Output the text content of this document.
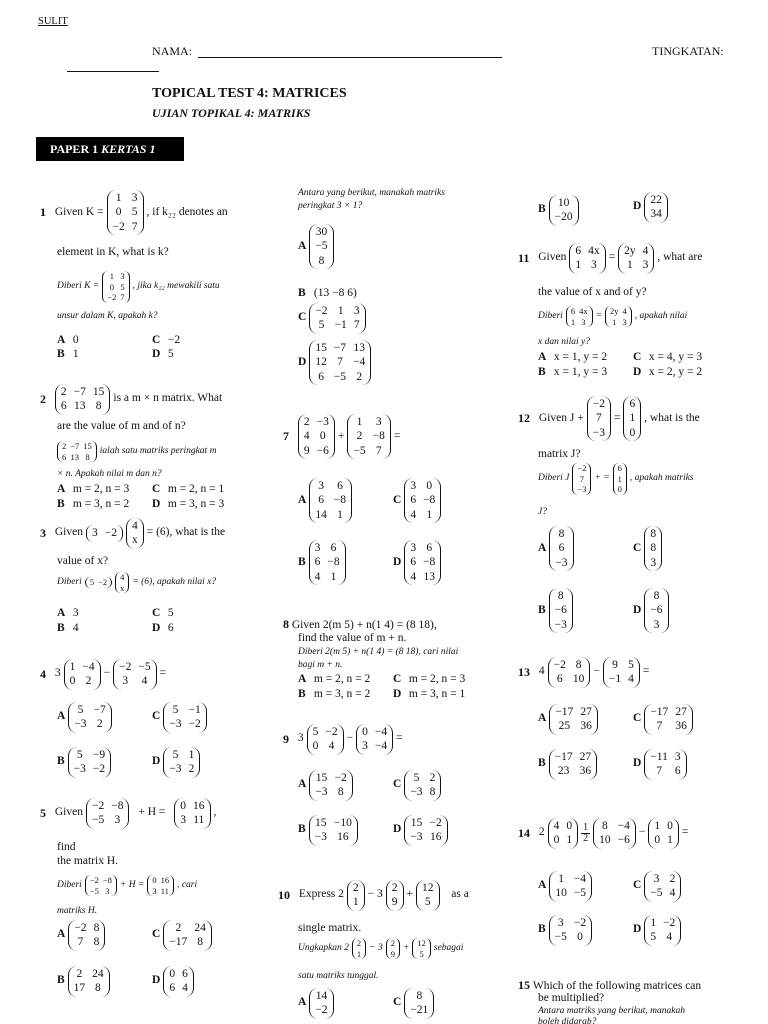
SULIT
NAMA:	TINGKATAN:
TOPICAL TEST 4: MATRICES
UJIAN TOPIKAL 4: MATRIKS
PAPER 1 KERTAS 1
1
Given K =
1 3
0 5
−2 7
, if k₂₂ denotes an
element in K, what is k?
Diberi K =
1 3
0 5
−2 7
, jika k₂₂ mewakili satu
unsur dalam K, apakah k?
A 0	C −2
B 1	D 5
2

2 −7 15
6 13 8
is a m × n matrix. What
are the value of m and of n?
2 −7 15
6 13 8
ialah satu matriks peringkat m
× n. Apakah nilai m dan n?
A m = 2, n = 3 C m = 2, n = 1
B m = 3, n = 2 D m = 3, n = 3
3
Given 3 −2
4
x
= (6), what is the
value of x?
Diberi 5 −2
4
x
= (6), apakah nilai x?
A 3	C 5
B 4	D 6
4
3
1 −4
0 2
−
−2 −5
3 4
=
A
5 −7
−3 2
C
5 −1
−3 −2
B
5 −9
−3 −2
D
5 1
−3 2
5
Given
−2 −8
−5 3

+ H =

0 16
3 11
,
find
the matrix H.
Diberi −2 −8
−5 3
+ H = 0 16
3 11
, cari
matriks H.
A
−2 8
7 8
C
2	24
−17 8
B
2 24
17 8
D
0 6
6 4
Antara yang berikut, manakah matriks
peringkat 3 × 1?
A
30
−5
8
B (13 −8 6)
C
−2 1 3
5 −1 7
D
15 −7 13
12 7 −4
6 −5 2
7

2 −3
4 0
9 −6
+
1 3
2 −8
−5 7
=
A
3 6
6 −8
14 1
C
3 0
6 −8
4 1
B
3 6
6 −8
4 1
D
3 6
6 −8
4 13
8 Given 2(m 5) + n(1 4) = (8 18),
find the value of m + n.
Diberi 2(m 5) + n(1 4) = (8 18), cari nilai
bagi m + n.
A m = 2, n = 2 C m = 2, n = 3
B m = 3, n = 2 D m = 3, n = 1
9
3
5 −2
0 4
−
0 −4
3 −4
=
A
15 −2
−3 8
C
5 2
−3 8
B
15 −10
−3 16
D
15 −2
−3 16
10
Express 2
2
1
− 3
2
9
+
12
5

as a
single matrix.
Ungkapkan 2 2
1
− 3 2
9
+ 12
5
sebagai
satu matriks tunggal.
A
14
−2
C
8
−21
B
10
−20
D
22
34
11
Given
6 4x
1 3
=
2y 4
1 3
, what are
the value of x and of y?
Diberi 6 4x
1 3
= 2y 4
1 3
, apakah nilai
x dan nilai y?
A x = 1, y = 2 C x = 4, y = 3
B x = 1, y = 3 D x = 2, y = 2
12
Given J +
−2
7
−3
=
6
1
0
, what is the
matrix J?
Diberi J
−2
7
−3
+ =
6
1
0
, apakah matriks
J?
A
8
6
−3
C
8
8
3
B
8
−6
−3
D
8
−6
3
13
4
−2 8
6 10
−
9 5
−1 4
=
A
−17 27
25 36
C
−17 27
7	36
B
−17 27
23 36
D
−11 3
7	6
14
2
4 0
0 1
1
2
8 −4
10 −6
−
1 0
0 1
=
A
1 −4
10 −5
C
3 2
−5 4
B
3 −2
−5 0
D
1 −2
5 4
15 Which of the following matrices can
be multiplied?
Antara matriks yang berikut, manakah
boleh didarab?
